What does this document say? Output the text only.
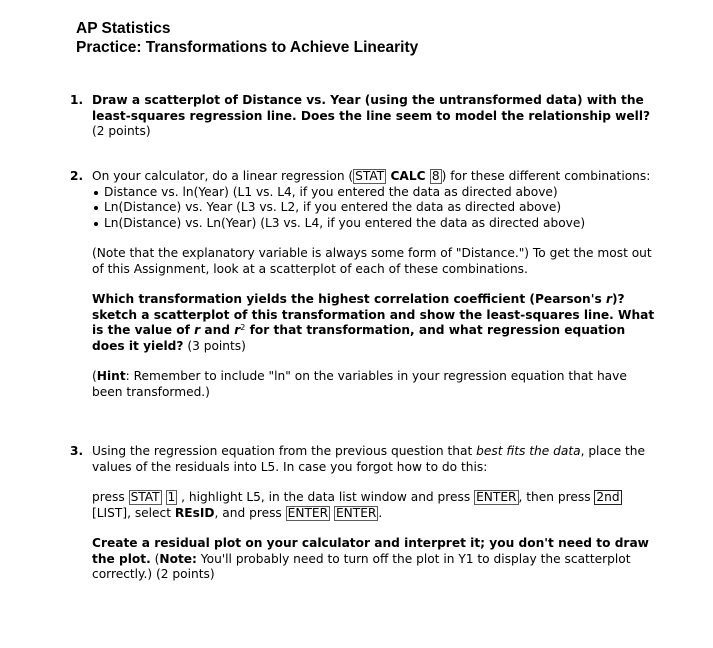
AP Statistics
Practice: Transformations to Achieve Linearity
1. Draw a scatterplot of Distance vs. Year (using the untransformed data) with the least-squares regression line. Does the line seem to model the relationship well? (2 points)
2. On your calculator, do a linear regression ( STAT CALC 8 ) for these different combinations:

Distance vs. ln(Year) (L1 vs. L4, if you entered the data as directed above)
Ln(Distance) vs. Year (L3 vs. L2, if you entered the data as directed above)
Ln(Distance) vs. Ln(Year) (L3 vs. L4, if you entered the data as directed above)

(Note that the explanatory variable is always some form of "Distance.") To get the most out of this Assignment, look at a scatterplot of each of these combinations.

Which transformation yields the highest correlation coefficient (Pearson's r)? sketch a scatterplot of this transformation and show the least-squares line. What is the value of r and $r^2$ for that transformation, and what regression equation does it yield? (3 points)

(Hint: Remember to include "ln" on the variables in your regression equation that have been transformed.)

3. Using the regression equation from the previous question that best fits the data, place the values of the residuals into L5. In case you forgot how to do this:

press STAT 1 , highlight L5, in the data list window and press ENTER , then press 2nd [LIST], select REsID, and press ENTER ENTER .

Create a residual plot on your calculator and interpret it; you don't need to draw the plot. (Note: You'll probably need to turn off the plot in Y1 to display the scatterplot correctly.) (2 points)
